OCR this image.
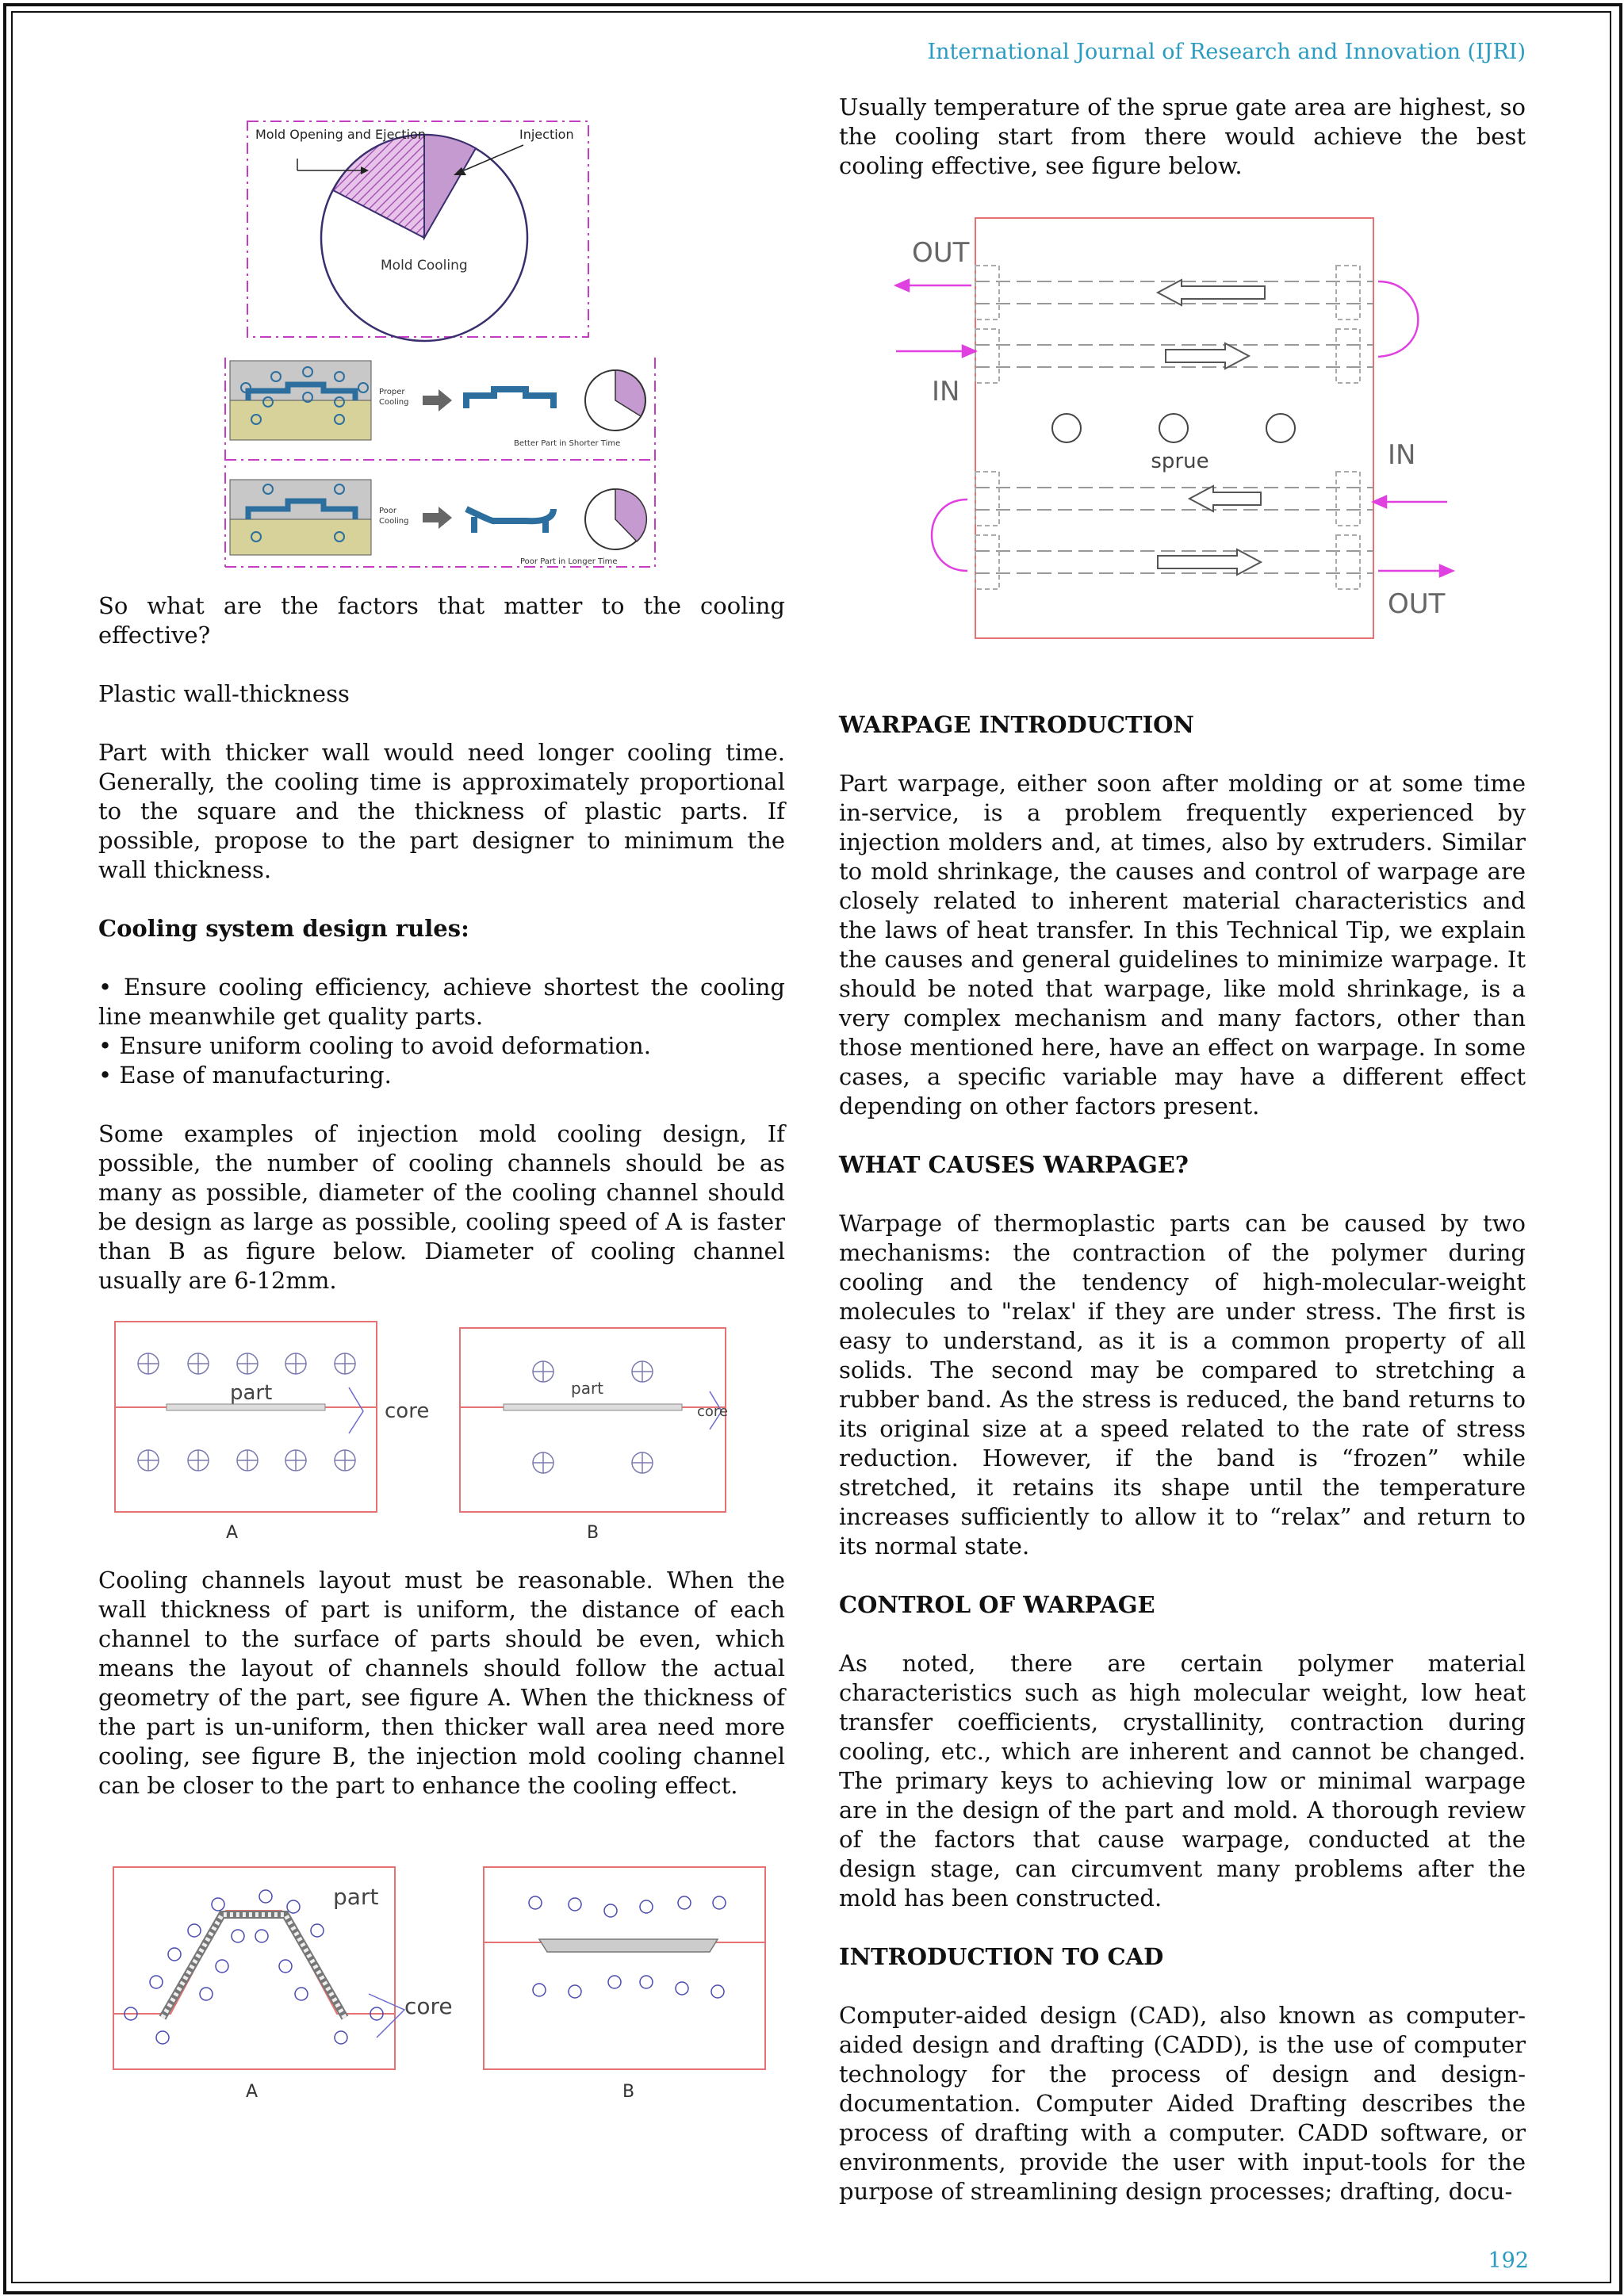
International Journal of Research and Innovation (IJRI)
Mold Opening and Ejection	Injection
Mold Cooling
Proper
Cooling
Better Part in Shorter Time
Poor
Cooling
Poor Part in Longer Time

So what are the factors that matter to the cooling effective?

Plastic wall-thickness

Part with thicker wall would need longer cooling time. Generally, the cooling time is approximately proportional to the square and the thickness of plastic parts. If possible, propose to the part designer to minimum the wall thickness.

Cooling system design rules:

• Ensure cooling efficiency, achieve shortest the cooling line meanwhile get quality parts.

• Ensure uniform cooling to avoid deformation.

• Ease of manufacturing.

Some examples of injection mold cooling design, If possible, the number of cooling channels should be as many as possible, diameter of the cooling channel should be design as large as possible, cooling speed of A is faster than B as figure below. Diameter of cooling channel usually are 6-12mm.

part
core
A
part
core
B

Cooling channels layout must be reasonable. When the wall thickness of part is uniform, the distance of each channel to the surface of parts should be even, which means the layout of channels should follow the actual geometry of the part, see figure A. When the thickness of the part is un-uniform, then thicker wall area need more cooling, see figure B, the injection mold cooling channel can be closer to the part to enhance the cooling effect.

part
core
A	B

Usually temperature of the sprue gate area are highest, so the cooling start from there would achieve the best cooling effective, see figure below.

sprue
OUT
IN
IN
OUT

WARPAGE INTRODUCTION

Part warpage, either soon after molding or at some time in-service, is a problem frequently experienced by injection molders and, at times, also by extruders. Similar to mold shrinkage, the causes and control of warpage are closely related to inherent material characteristics and the laws of heat transfer. In this Technical Tip, we explain the causes and general guidelines to minimize warpage. It should be noted that warpage, like mold shrinkage, is a very complex mechanism and many factors, other than those mentioned here, have an effect on warpage. In some cases, a specific variable may have a different effect depending on other factors present.

WHAT CAUSES WARPAGE?

Warpage of thermoplastic parts can be caused by two mechanisms: the contraction of the polymer during cooling and the tendency of high-molecular-weight molecules to "relax' if they are under stress. The first is easy to understand, as it is a common property of all solids. The second may be compared to stretching a rubber band. As the stress is reduced, the band returns to its original size at a speed related to the rate of stress reduction. However, if the band is “frozen” while stretched, it retains its shape until the temperature increases sufficiently to allow it to “relax” and return to its normal state.

CONTROL OF WARPAGE

As noted, there are certain polymer material characteristics such as high molecular weight, low heat transfer coefficients, crystallinity, contraction during cooling, etc., which are inherent and cannot be changed. The primary keys to achieving low or minimal warpage are in the design of the part and mold. A thorough review of the factors that cause warpage, conducted at the design stage, can circumvent many problems after the mold has been constructed.

INTRODUCTION TO CAD

Computer-aided design (CAD), also known as computer-aided design and drafting (CADD), is the use of computer technology for the process of design and design-documentation. Computer Aided Drafting describes the process of drafting with a computer. CADD software, or environments, provide the user with input-tools for the purpose of streamlining design processes; drafting, docu-

192
